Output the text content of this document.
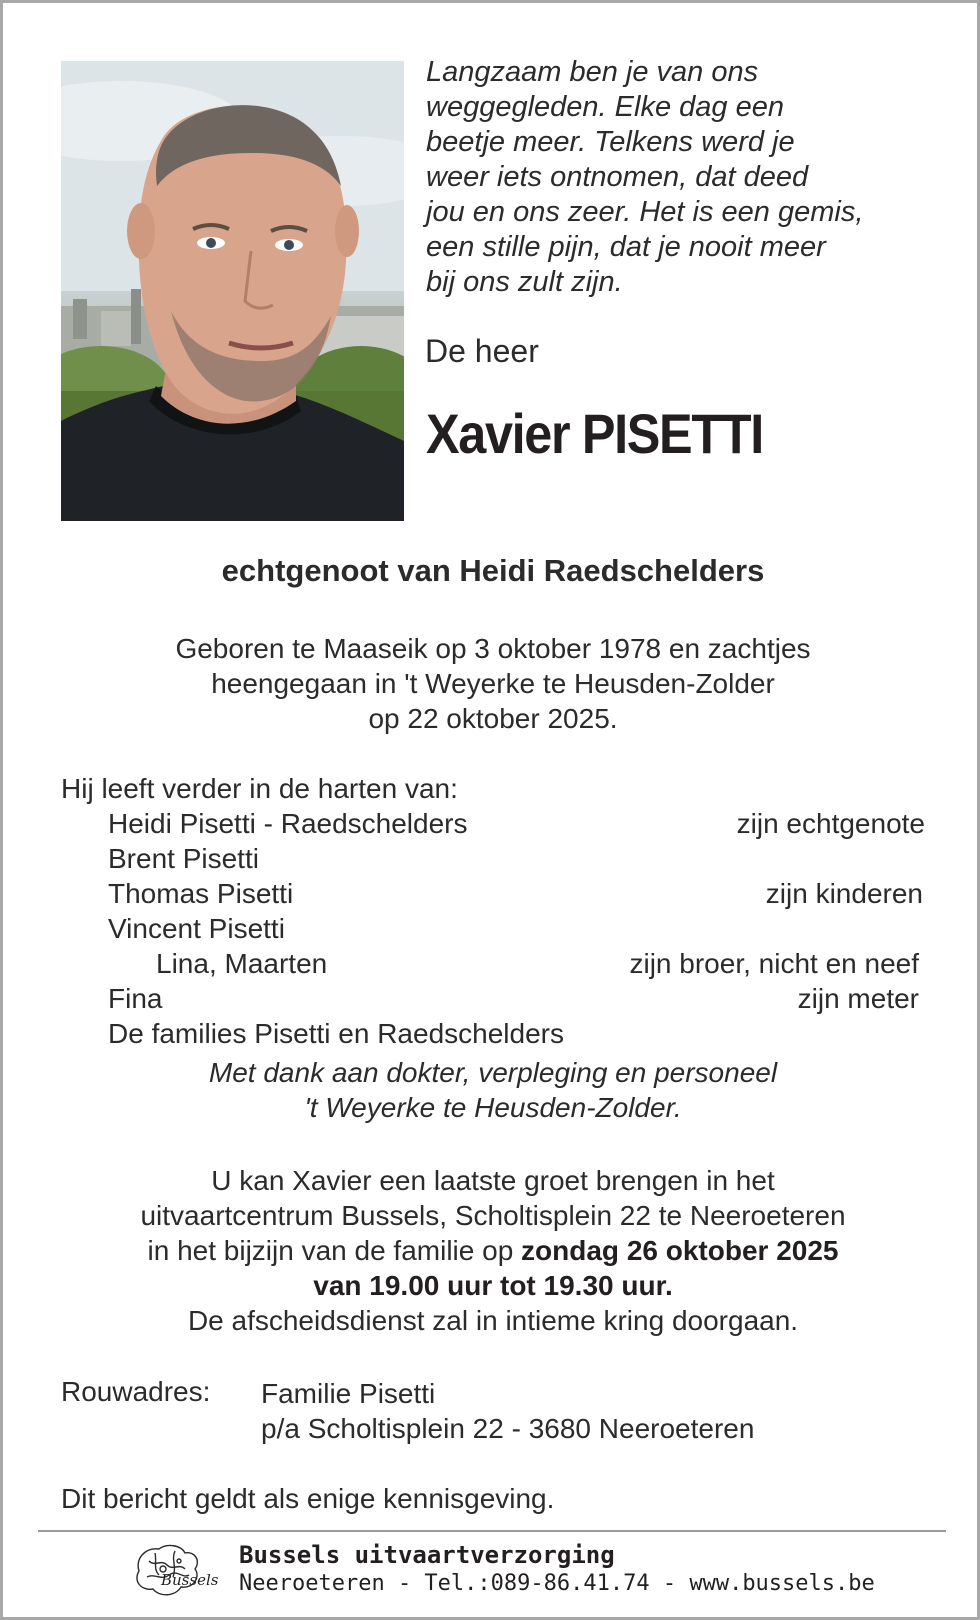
Langzaam ben je van ons
weggegleden. Elke dag een
beetje meer. Telkens werd je
weer iets ontnomen, dat deed
jou en ons zeer. Het is een gemis,
een stille pijn, dat je nooit meer
bij ons zult zijn.
De heer
Xavier PISETTI
echtgenoot van Heidi Raedschelders
Geboren te Maaseik op 3 oktober 1978 en zachtjes
heengegaan in 't Weyerke te Heusden-Zolder
op 22 oktober 2025.
Hij leeft verder in de harten van:
Heidi Pisetti - Raedschelders	zijn echtgenote
Brent Pisetti
Thomas Pisetti	zijn kinderen
Vincent Pisetti
Lina, Maarten	zijn broer, nicht en neef
Fina	zijn meter
De families Pisetti en Raedschelders
Met dank aan dokter, verpleging en personeel
't Weyerke te Heusden-Zolder.
U kan Xavier een laatste groet brengen in het
uitvaartcentrum Bussels, Scholtisplein 22 te Neeroeteren
in het bijzijn van de familie op zondag 26 oktober 2025
van 19.00 uur tot 19.30 uur.
De afscheidsdienst zal in intieme kring doorgaan.
Rouwadres: Familie Pisetti
p/a Scholtisplein 22 - 3680 Neeroeteren
Dit bericht geldt als enige kennisgeving.
Bussels
Bussels uitvaartverzorging
Neeroeteren - Tel.:089-86.41.74 - www.bussels.be
